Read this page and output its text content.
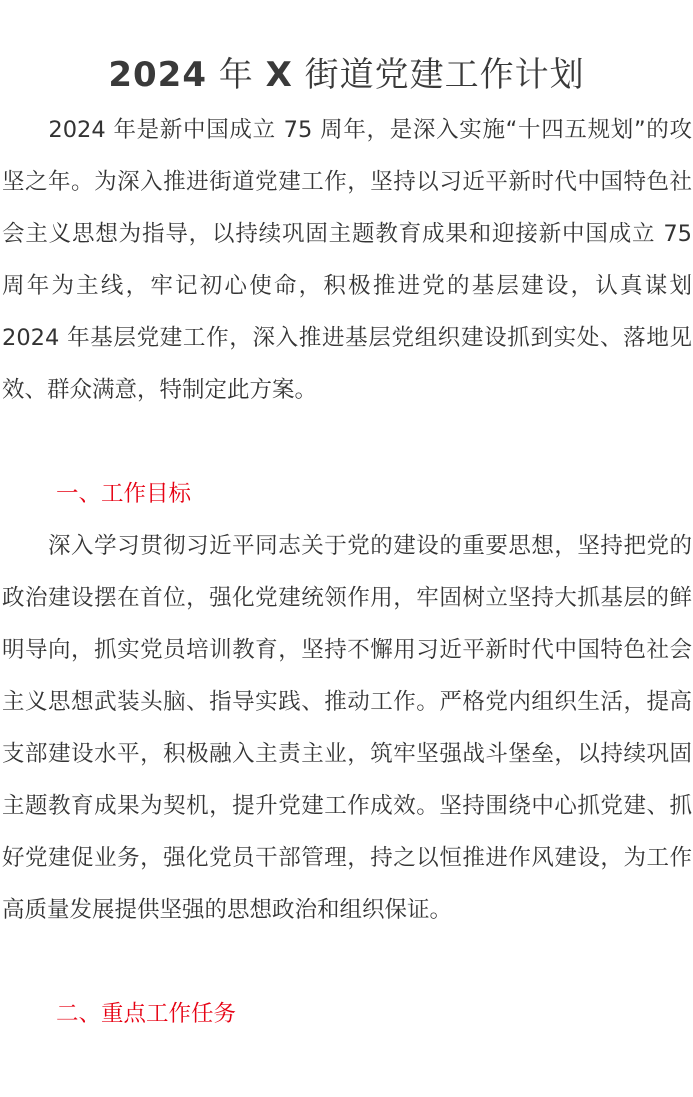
2024 年 X 街道党建工作计划

　　2024 年是新中国成立 75 周年，是深入实施“十四五规划”的攻坚之年。为深入推进街道党建工作，坚持以习近平新时代中国特色社会主义思想为指导，以持续巩固主题教育成果和迎接新中国成立 75 周年为主线，牢记初心使命，积极推进党的基层建设，认真谋划 2024 年基层党建工作，深入推进基层党组织建设抓到实处、落地见效、群众满意，特制定此方案。

一、工作目标

　　深入学习贯彻习近平同志关于党的建设的重要思想，坚持把党的政治建设摆在首位，强化党建统领作用，牢固树立坚持大抓基层的鲜明导向，抓实党员培训教育，坚持不懈用习近平新时代中国特色社会主义思想武装头脑、指导实践、推动工作。严格党内组织生活，提高支部建设水平，积极融入主责主业，筑牢坚强战斗堡垒，以持续巩固主题教育成果为契机，提升党建工作成效。坚持围绕中心抓党建、抓好党建促业务，强化党员干部管理，持之以恒推进作风建设，为工作高质量发展提供坚强的思想政治和组织保证。

二、重点工作任务
